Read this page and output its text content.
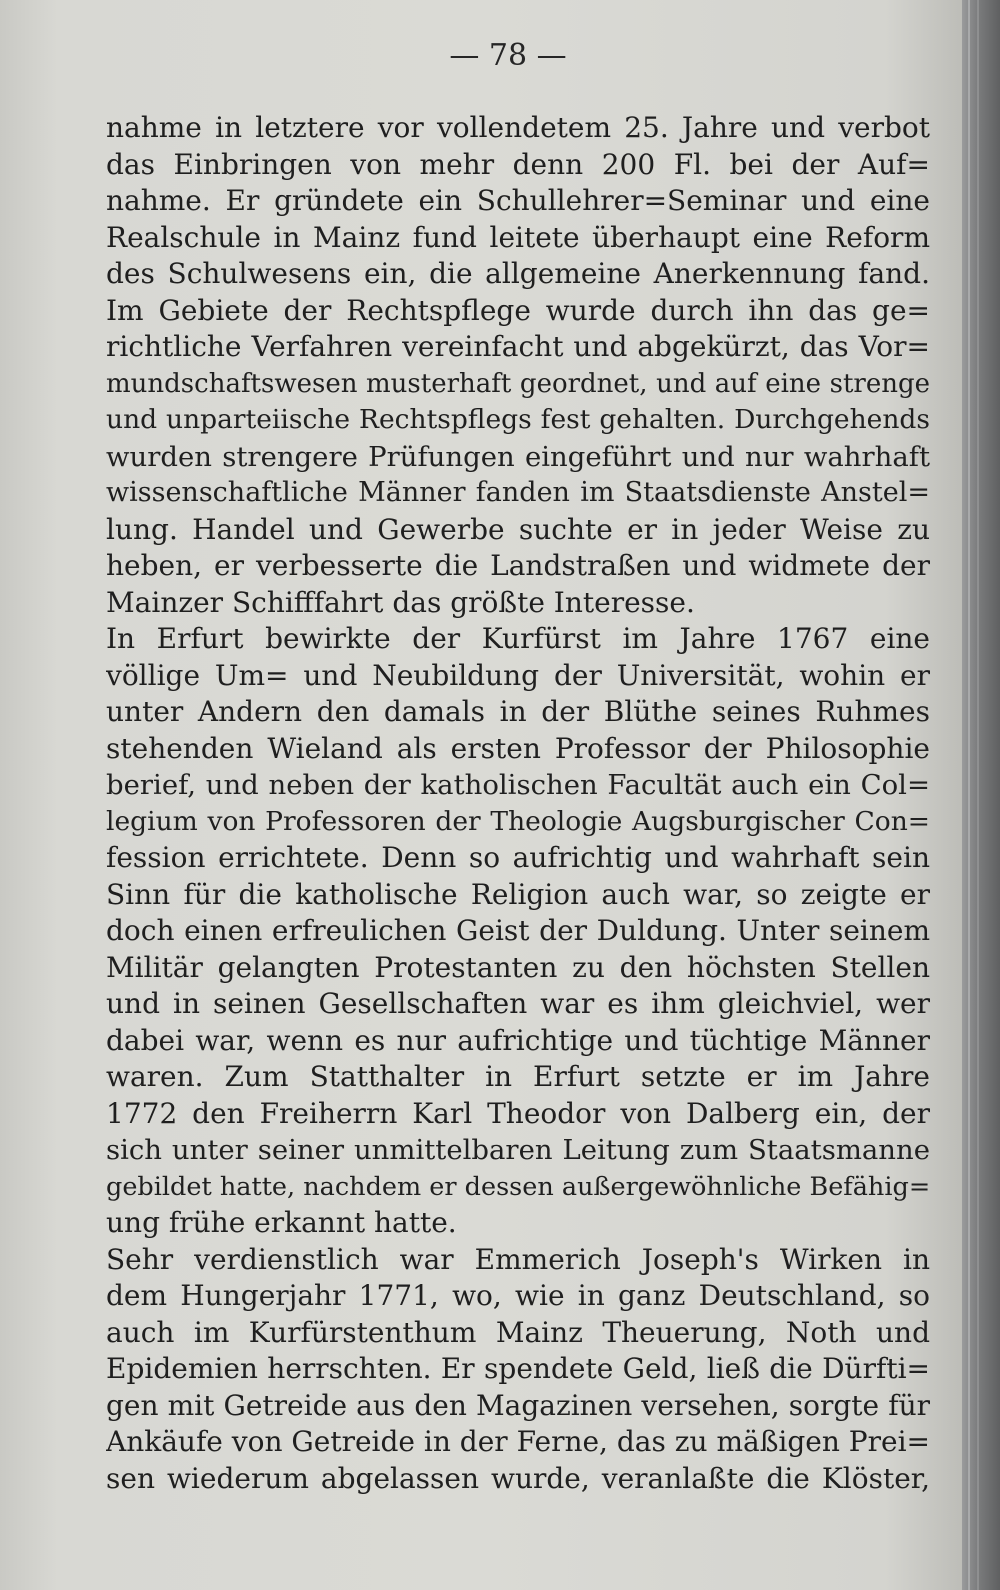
— 78 —
nahme in letztere vor vollendetem 25. Jahre und verbot
das Einbringen von mehr denn 200 Fl. bei der Auf=
nahme. Er gründete ein Schullehrer=Seminar und eine
Realschule in Mainz fund leitete überhaupt eine Reform
des Schulwesens ein, die allgemeine Anerkennung fand.
Im Gebiete der Rechtspflege wurde durch ihn das ge=
richtliche Verfahren vereinfacht und abgekürzt, das Vor=
mundschaftswesen musterhaft geordnet, und auf eine strenge
und unparteiische Rechtspflegs fest gehalten. Durchgehends
wurden strengere Prüfungen eingeführt und nur wahrhaft
wissenschaftliche Männer fanden im Staatsdienste Anstel=
lung. Handel und Gewerbe suchte er in jeder Weise zu
heben, er verbesserte die Landstraßen und widmete der
Mainzer Schifffahrt das größte Interesse.
In Erfurt bewirkte der Kurfürst im Jahre 1767 eine
völlige Um= und Neubildung der Universität, wohin er
unter Andern den damals in der Blüthe seines Ruhmes
stehenden Wieland als ersten Professor der Philosophie
berief, und neben der katholischen Facultät auch ein Col=
legium von Professoren der Theologie Augsburgischer Con=
fession errichtete. Denn so aufrichtig und wahrhaft sein
Sinn für die katholische Religion auch war, so zeigte er
doch einen erfreulichen Geist der Duldung. Unter seinem
Militär gelangten Protestanten zu den höchsten Stellen
und in seinen Gesellschaften war es ihm gleichviel, wer
dabei war, wenn es nur aufrichtige und tüchtige Männer
waren. Zum Statthalter in Erfurt setzte er im Jahre
1772 den Freiherrn Karl Theodor von Dalberg ein, der
sich unter seiner unmittelbaren Leitung zum Staatsmanne
gebildet hatte, nachdem er dessen außergewöhnliche Befähig=
ung frühe erkannt hatte.
Sehr verdienstlich war Emmerich Joseph's Wirken in
dem Hungerjahr 1771, wo, wie in ganz Deutschland, so
auch im Kurfürstenthum Mainz Theuerung, Noth und
Epidemien herrschten. Er spendete Geld, ließ die Dürfti=
gen mit Getreide aus den Magazinen versehen, sorgte für
Ankäufe von Getreide in der Ferne, das zu mäßigen Prei=
sen wiederum abgelassen wurde, veranlaßte die Klöster,
